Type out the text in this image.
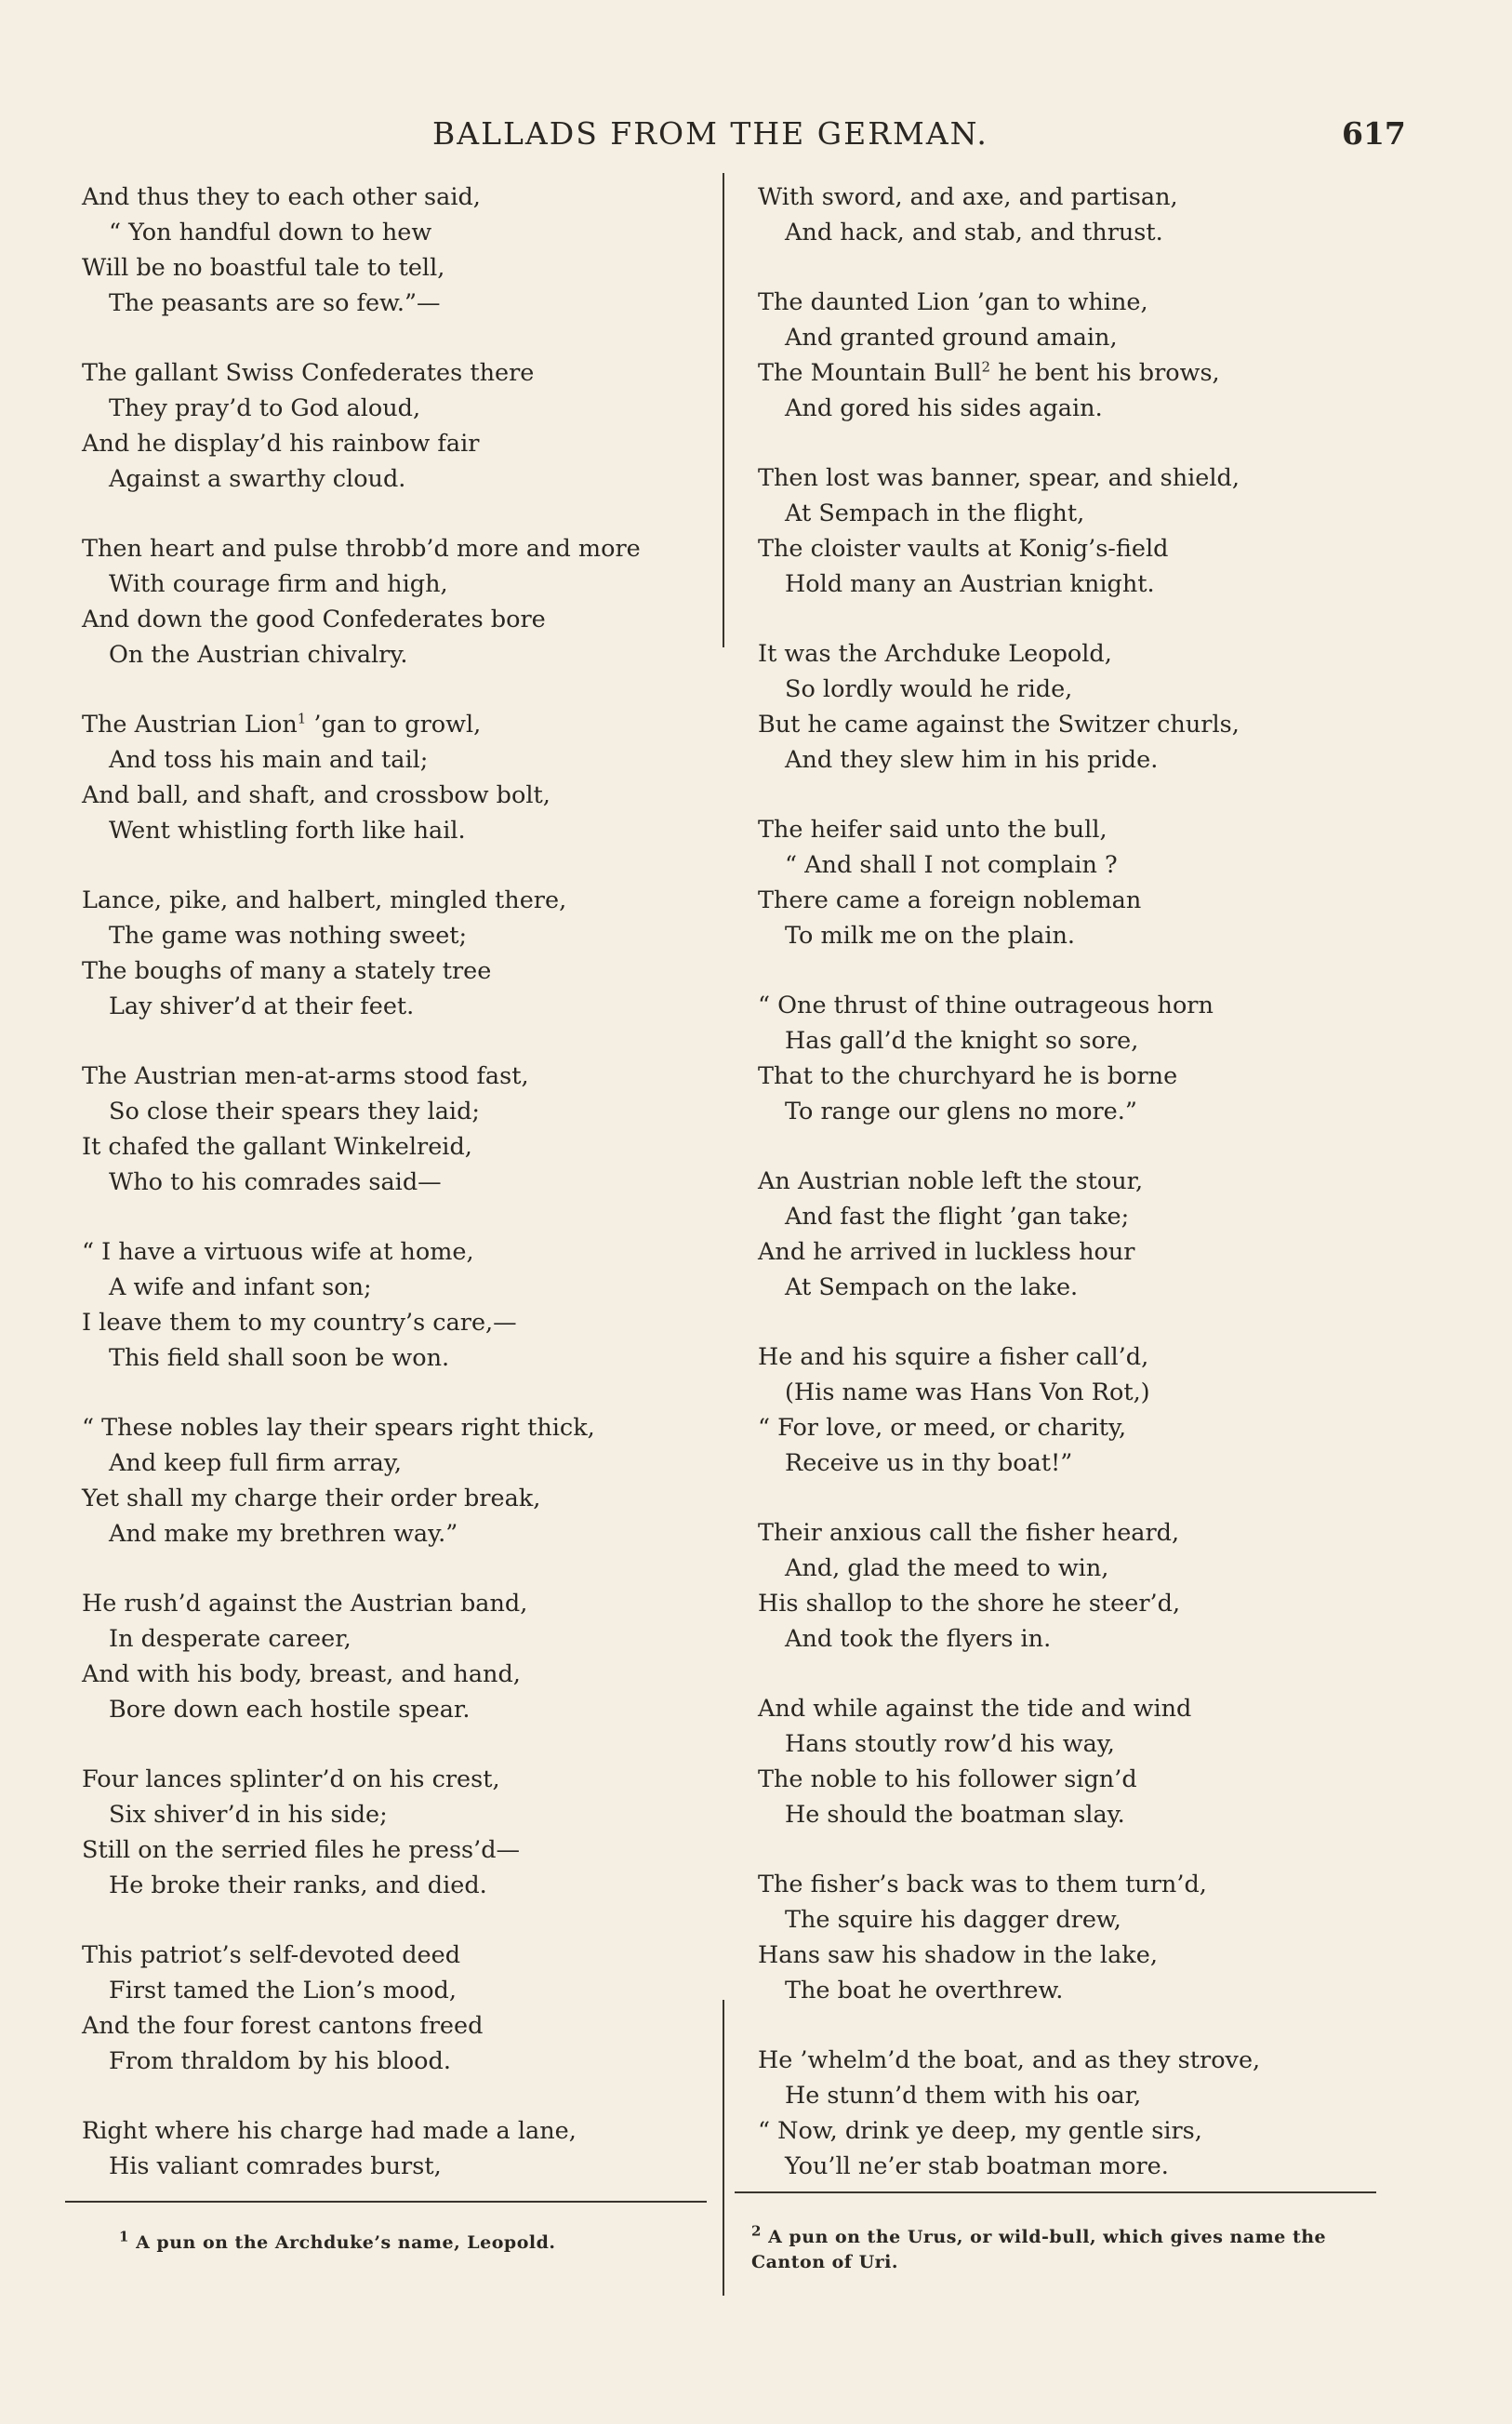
BALLADS FROM THE GERMAN.	617
And thus they to each other said,
“ Yon handful down to hew
Will be no boastful tale to tell,
The peasants are so few.”—
The gallant Swiss Confederates there
They pray’d to God aloud,
And he display’d his rainbow fair
Against a swarthy cloud.
Then heart and pulse throbb’d more and more
With courage firm and high,
And down the good Confederates bore
On the Austrian chivalry.
The Austrian Lion$^1$ ’gan to growl,
And toss his main and tail;
And ball, and shaft, and crossbow bolt,
Went whistling forth like hail.
Lance, pike, and halbert, mingled there,
The game was nothing sweet;
The boughs of many a stately tree
Lay shiver’d at their feet.
The Austrian men-at-arms stood fast,
So close their spears they laid;
It chafed the gallant Winkelreid,
Who to his comrades said—
“ I have a virtuous wife at home,
A wife and infant son;
I leave them to my country’s care,—
This field shall soon be won.
“ These nobles lay their spears right thick,
And keep full firm array,
Yet shall my charge their order break,
And make my brethren way.”
He rush’d against the Austrian band,
In desperate career,
And with his body, breast, and hand,
Bore down each hostile spear.
Four lances splinter’d on his crest,
Six shiver’d in his side;
Still on the serried files he press’d—
He broke their ranks, and died.
This patriot’s self-devoted deed
First tamed the Lion’s mood,
And the four forest cantons freed
From thraldom by his blood.
Right where his charge had made a lane,
His valiant comrades burst,
With sword, and axe, and partisan,
And hack, and stab, and thrust.
The daunted Lion ’gan to whine,
And granted ground amain,
The Mountain Bull$^2$ he bent his brows,
And gored his sides again.
Then lost was banner, spear, and shield,
At Sempach in the flight,
The cloister vaults at Konig’s-field
Hold many an Austrian knight.
It was the Archduke Leopold,
So lordly would he ride,
But he came against the Switzer churls,
And they slew him in his pride.
The heifer said unto the bull,
“ And shall I not complain ?
There came a foreign nobleman
To milk me on the plain.
“ One thrust of thine outrageous horn
Has gall’d the knight so sore,
That to the churchyard he is borne
To range our glens no more.”
An Austrian noble left the stour,
And fast the flight ’gan take;
And he arrived in luckless hour
At Sempach on the lake.
He and his squire a fisher call’d,
(His name was Hans Von Rot,)
“ For love, or meed, or charity,
Receive us in thy boat!”
Their anxious call the fisher heard,
And, glad the meed to win,
His shallop to the shore he steer’d,
And took the flyers in.
And while against the tide and wind
Hans stoutly row’d his way,
The noble to his follower sign’d
He should the boatman slay.
The fisher’s back was to them turn’d,
The squire his dagger drew,
Hans saw his shadow in the lake,
The boat he overthrew.
He ’whelm’d the boat, and as they strove,
He stunn’d them with his oar,
“ Now, drink ye deep, my gentle sirs,
You’ll ne’er stab boatman more.
$^1$ A pun on the Archduke’s name, Leopold.
$^2$ A pun on the Urus, or wild-bull, which gives name the Canton of Uri.
